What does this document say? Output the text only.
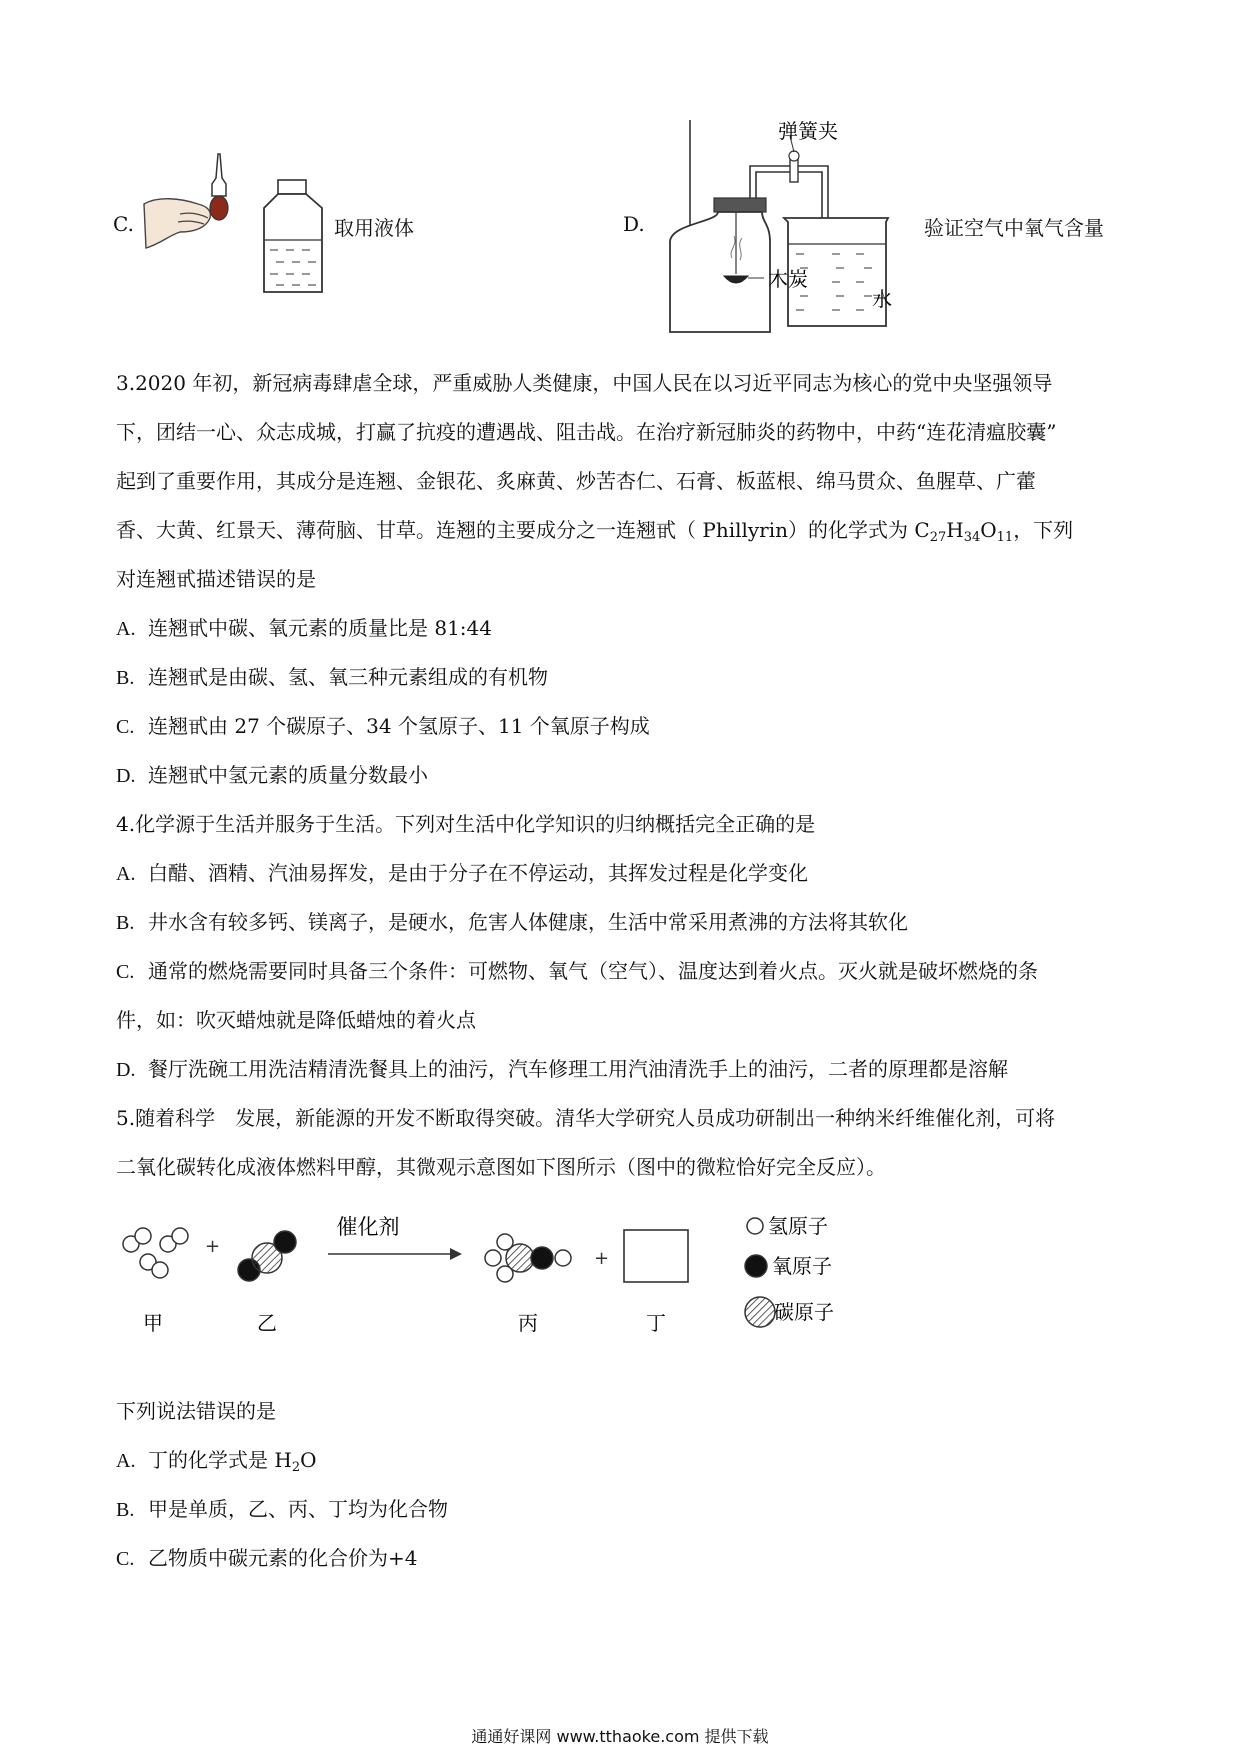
C.	取用液体	D.
木炭
水
弹簧夹
验证空气中氧气含量
3.2020 年初，新冠病毒肆虐全球，严重威胁人类健康，中国人民在以习近平同志为核心的党中央坚强领导
下，团结一心、众志成城，打赢了抗疫的遭遇战、阻击战。在治疗新冠肺炎的药物中，中药“连花清瘟胶囊”
起到了重要作用，其成分是连翘、金银花、炙麻黄、炒苦杏仁、石膏、板蓝根、绵马贯众、鱼腥草、广藿
香、大黄、红景天、薄荷脑、甘草。连翘的主要成分之一连翘甙（ Phillyrin）的化学式为 $C_{27}H_{34}O_{11}$，下列
对连翘甙描述错误的是
A. 连翘甙中碳、氧元素的质量比是 81:44
B. 连翘甙是由碳、氢、氧三种元素组成的有机物
C. 连翘甙由 27 个碳原子、34 个氢原子、11 个氧原子构成
D. 连翘甙中氢元素的质量分数最小
4.化学源于生活并服务于生活。下列对生活中化学知识的归纳概括完全正确的是
A. 白醋、酒精、汽油易挥发，是由于分子在不停运动，其挥发过程是化学变化
B. 井水含有较多钙、镁离子，是硬水，危害人体健康，生活中常采用煮沸的方法将其软化
C. 通常的燃烧需要同时具备三个条件：可燃物、氧气（空气）、温度达到着火点。灭火就是破坏燃烧的条
件，如：吹灭蜡烛就是降低蜡烛的着火点
D. 餐厅洗碗工用洗洁精清洗餐具上的油污，汽车修理工用汽油清洗手上的油污，二者的原理都是溶解
5.随着科学　发展，新能源的开发不断取得突破。清华大学研究人员成功研制出一种纳米纤维催化剂，可将
二氧化碳转化成液体燃料甲醇，其微观示意图如下图所示（图中的微粒恰好完全反应）。
+
催化剂
+
甲	乙	丙	丁
氢原子
氧原子
碳原子
下列说法错误的是
A. 丁的化学式是 $H_2O$
B. 甲是单质，乙、丙、丁均为化合物
C. 乙物质中碳元素的化合价为+4
通通好课网 www.tthaoke.com 提供下载
